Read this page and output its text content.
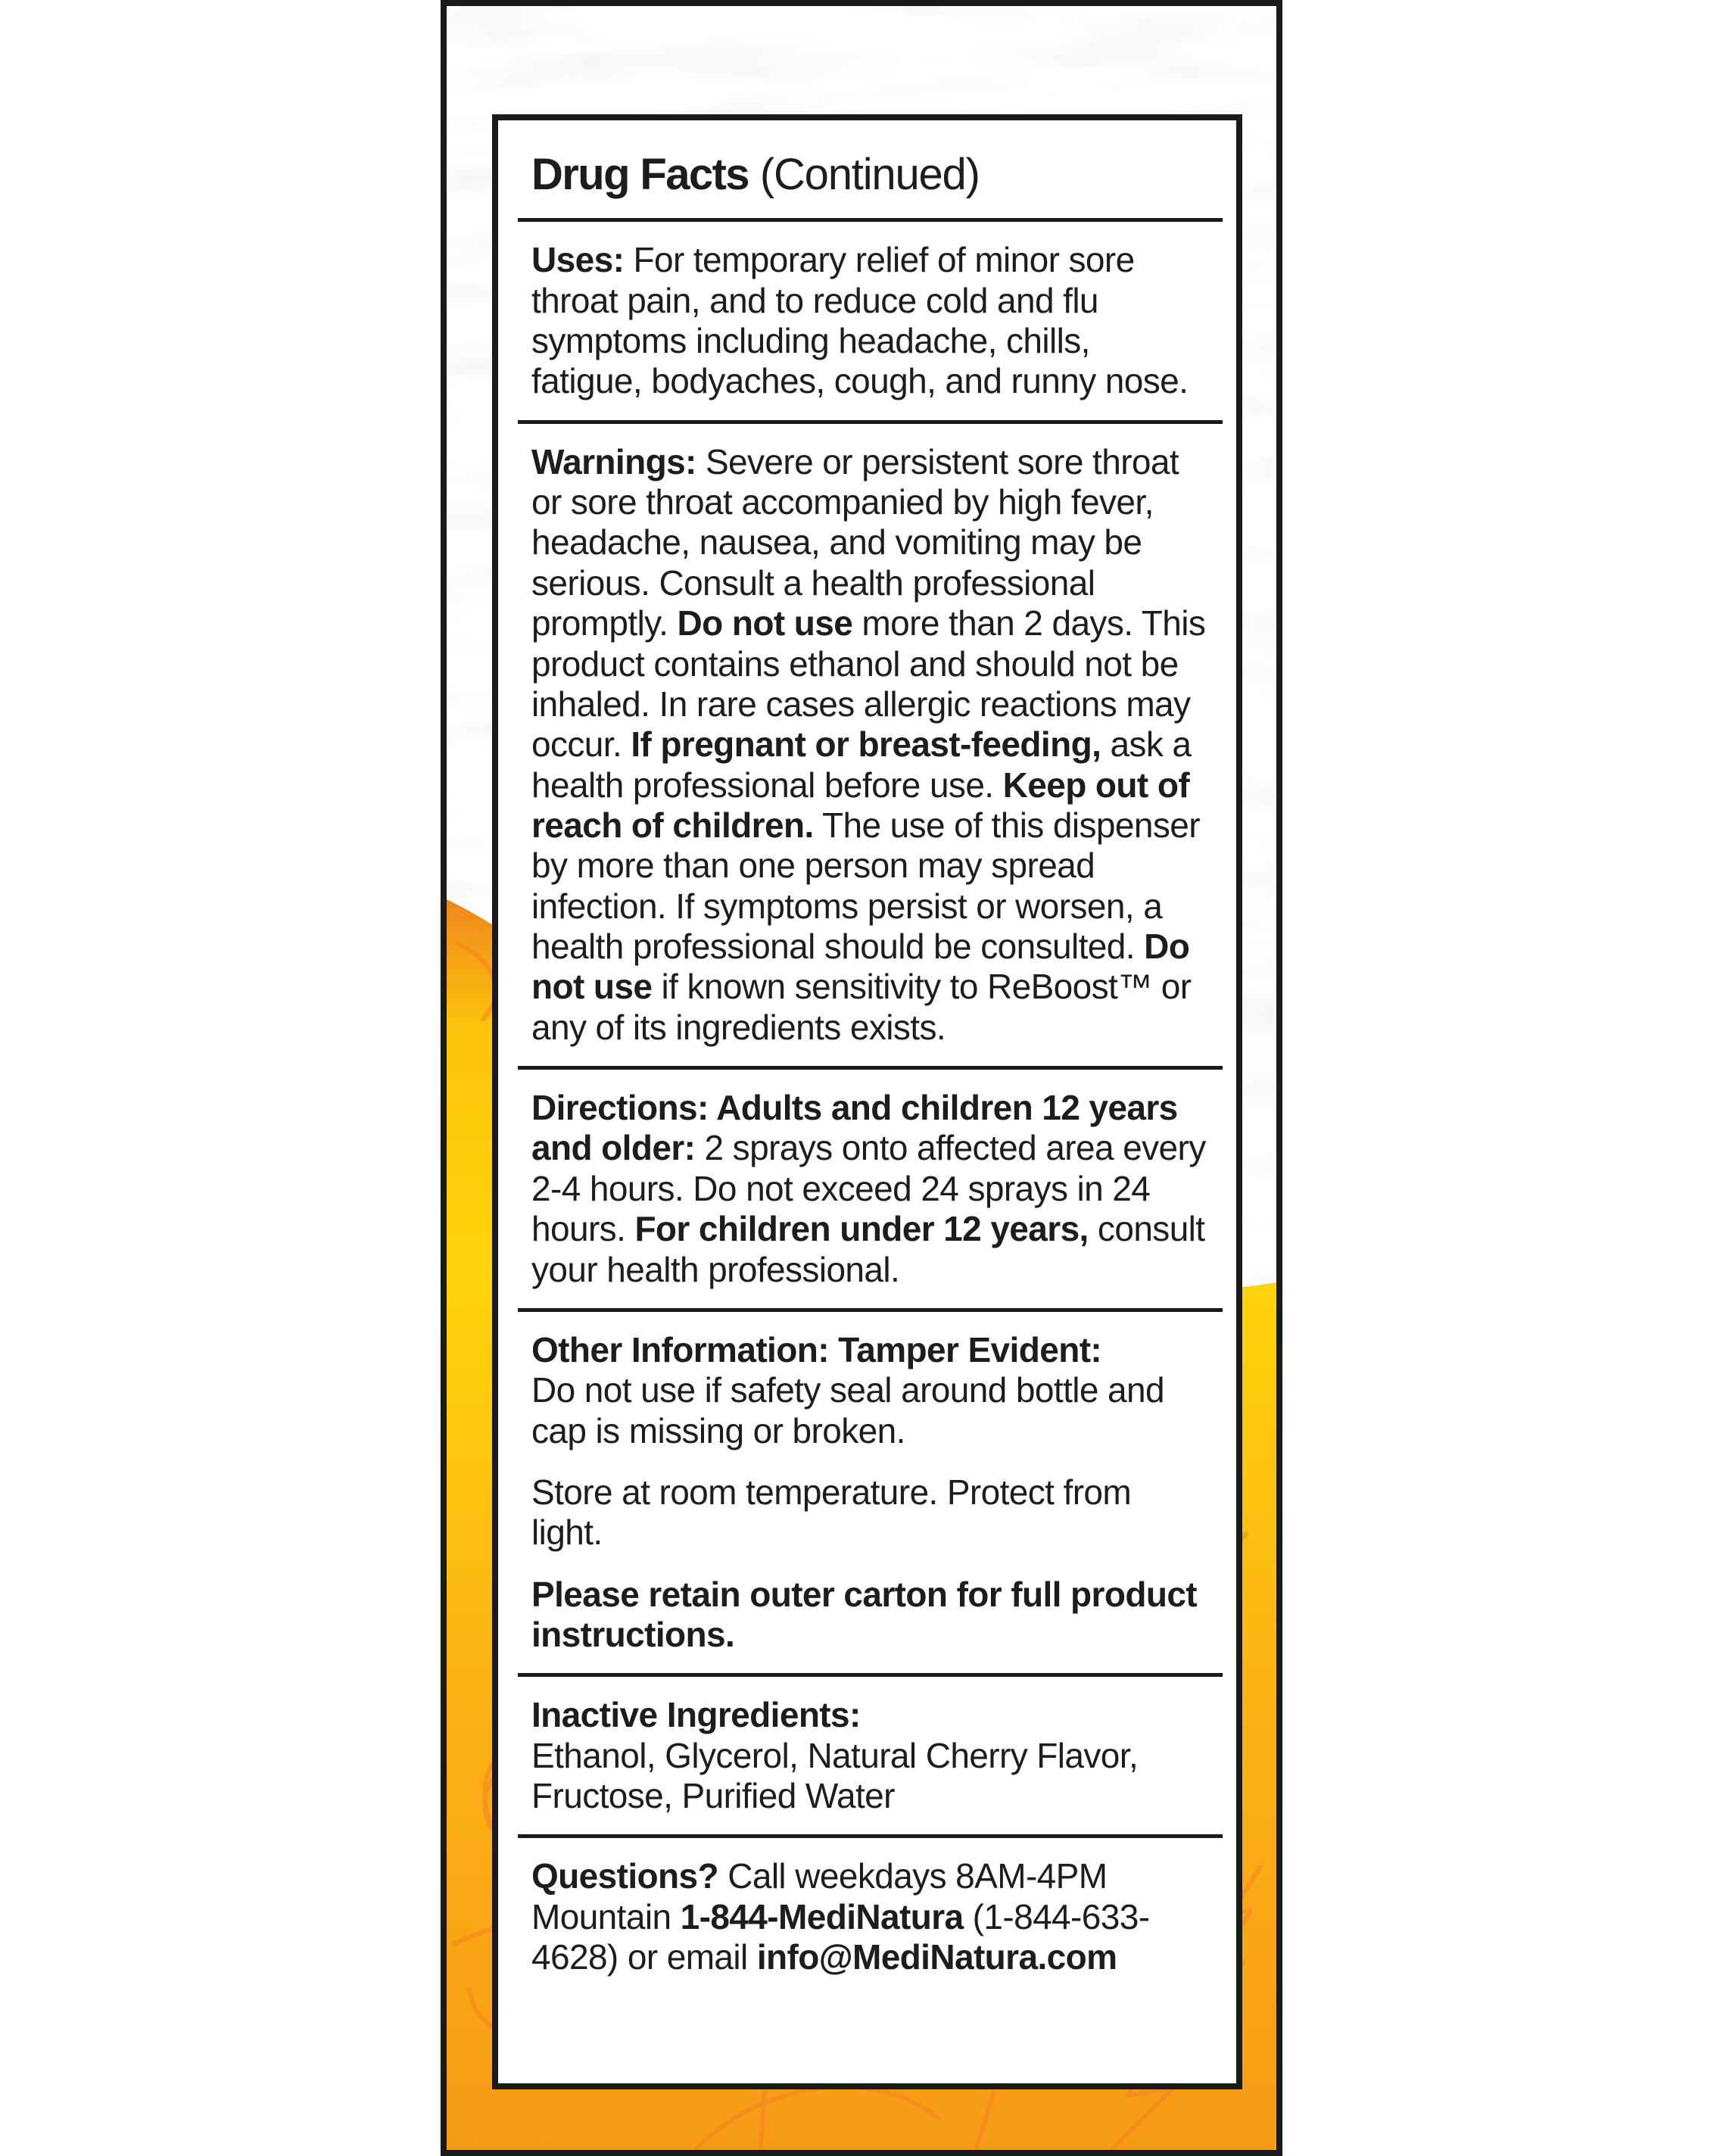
Drug Facts (Continued)

Uses: For temporary relief of minor sore throat pain, and to reduce cold and flu symptoms including headache, chills, fatigue, bodyaches, cough, and runny nose.

Warnings: Severe or persistent sore throat or sore throat accompanied by high fever, headache, nausea, and vomiting may be serious. Consult a health professional promptly. Do not use more than 2 days. This product contains ethanol and should not be inhaled. In rare cases allergic reactions may occur. If pregnant or breast-feeding, ask a health professional before use. Keep out of reach of children. The use of this dispenser by more than one person may spread infection. If symptoms persist or worsen, a health professional should be consulted. Do not use if known sensitivity to ReBoost™ or any of its ingredients exists.

Directions: Adults and children 12 years and older: 2 sprays onto affected area every 2-4 hours. Do not exceed 24 sprays in 24 hours. For children under 12 years, consult your health professional.

Other Information: Tamper Evident:
Do not use if safety seal around bottle and cap is missing or broken.

Store at room temperature. Protect from light.

Please retain outer carton for full product instructions.

Inactive Ingredients:
Ethanol, Glycerol, Natural Cherry Flavor, Fructose, Purified Water

Questions? Call weekdays 8AM-4PM Mountain 1-844-MediNatura (1-844-633-4628) or email info@MediNatura.com
